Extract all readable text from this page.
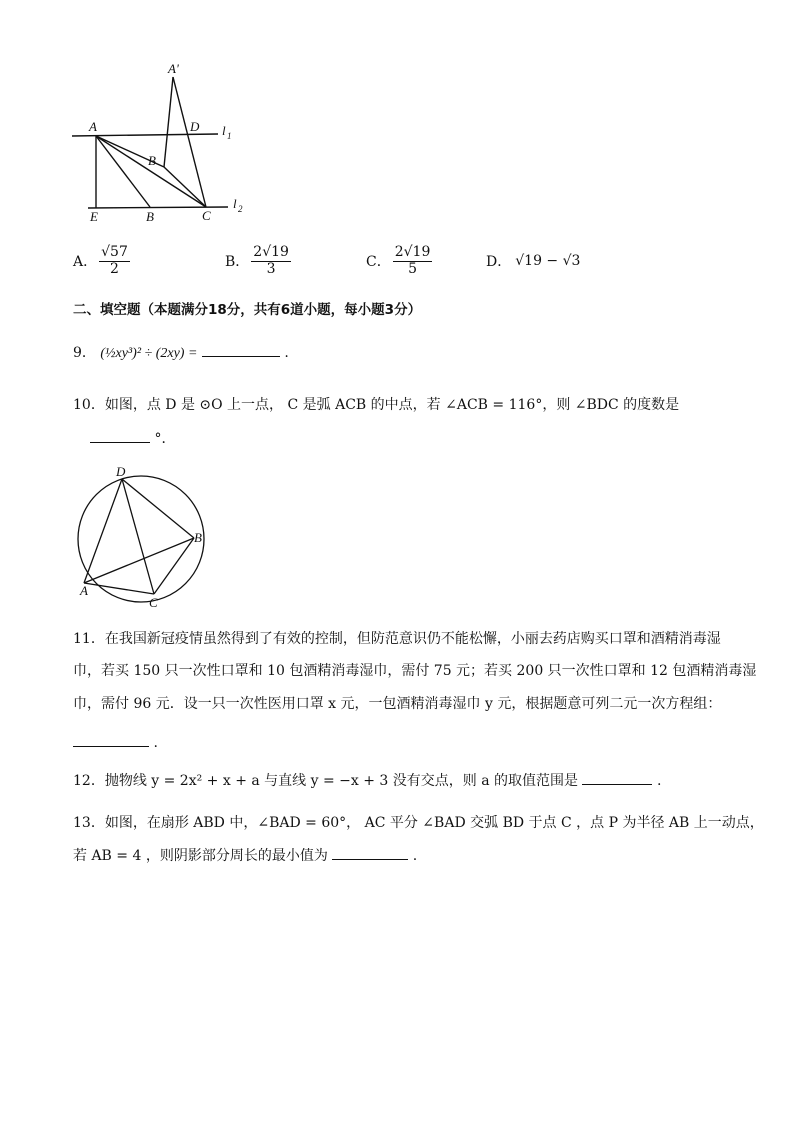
A'
A	D l 1
B
E	B	C
l 2
A． $\frac{√57}{2}$	B． $\frac{2√19}{3}$	C． $\frac{2√19}{5}$	D． √19 − √3
二、填空题（本题满分18分，共有6道小题，每小题3分）
9． (½xy³)² ÷ (2xy) =	.
10．如图，点 D 是 ⊙O 上一点， C 是弧 ACB 的中点，若 ∠ACB = 116°，则 ∠BDC 的度数是
°．
D
B
A
C
11．在我国新冠疫情虽然得到了有效的控制，但防范意识仍不能松懈，小丽去药店购买口罩和酒精消毒湿
巾，若买 150 只一次性口罩和 10 包酒精消毒湿巾，需付 75 元；若买 200 只一次性口罩和 12 包酒精消毒湿
巾，需付 96 元．设一只一次性医用口罩 x 元，一包酒精消毒湿巾 y 元，根据题意可列二元一次方程组：
.
12．抛物线 y = 2x² + x + a 与直线 y = −x + 3 没有交点，则 a 的取值范围是	.
13．如图，在扇形 ABD 中，∠BAD = 60°， AC 平分 ∠BAD 交弧 BD 于点 C ，点 P 为半径 AB 上一动点，
若 AB = 4 ，则阴影部分周长的最小值为	.
